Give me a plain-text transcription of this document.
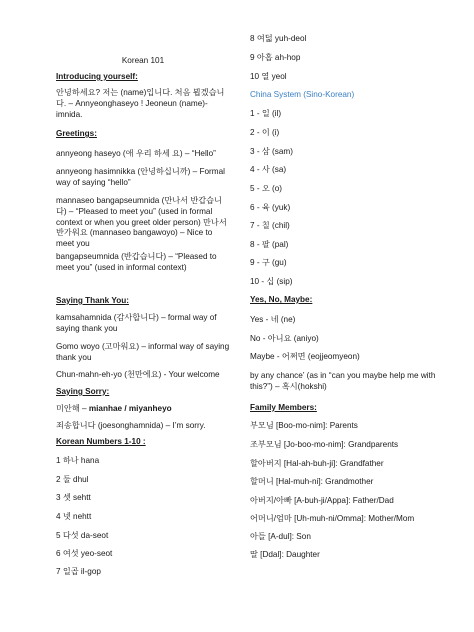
Korean 101
Introducing yourself:
안녕하세요? 저는 (name)입니다. 처음 뵙겠습니다. – Annyeonghaseyo ! Jeoneun (name)-imnida.
Greetings:
annyeong haseyo (애 우리 하세 요) – “Hello”
annyeong hasimnikka (안녕하십니까) – Formal way of saying “hello”
mannaseo bangapseumnida (만나서 반갑습니다) – “Pleased to meet you” (used in formal context or when you greet older person) 만나서 반가워요 (mannaseo bangawoyo) – Nice to meet you
bangapseumnida (반갑습니다) – “Pleased to meet you” (used in informal context)
Saying Thank You:
kamsahamnida (감사합니다) – formal way of saying thank you
Gomo woyo (고마워요) – informal way of saying thank you
Chun-mahn-eh-yo (천만에요) - Your welcome
Saying Sorry:
미안해 – mianhae / miyanheyo
죄송합니다 (joesonghamnida) – I’m sorry.
Korean Numbers 1-10 :
1 하나 hana
2 둘 dhul
3 셋 sehtt
4 넷 nehtt
5 다섯 da-seot
6 여섯 yeo-seot
7 일곱 il-gop
8 여덟 yuh-deol
9 아홉 ah-hop
10 열 yeol
China System (Sino-Korean)
1 - 일 (il)
2 - 이 (i)
3 - 삼 (sam)
4 - 사 (sa)
5 - 오 (o)
6 - 육 (yuk)
7 - 칠 (chil)
8 - 팔 (pal)
9 - 구 (gu)
10 - 십 (sip)
Yes, No, Maybe:
Yes - 네 (ne)
No - 아니요 (aniyo)
Maybe - 어쩌면 (eojjeomyeon)
by any chance’ (as in “can you maybe help me with this?”) – 혹시(hokshi)
Family Members:
부모님 [Boo-mo-nim]: Parents
조부모님 [Jo-boo-mo-nim]: Grandparents
할아버지 [Hal-ah-buh-ji]: Grandfather
할머니 [Hal-muh-ni]: Grandmother
아버지/아빠 [A-buh-ji/Appa]: Father/Dad
어머니/엄마 [Uh-muh-ni/Omma]: Mother/Mom
아들 [A-dul]: Son
딸 [Ddal]: Daughter
